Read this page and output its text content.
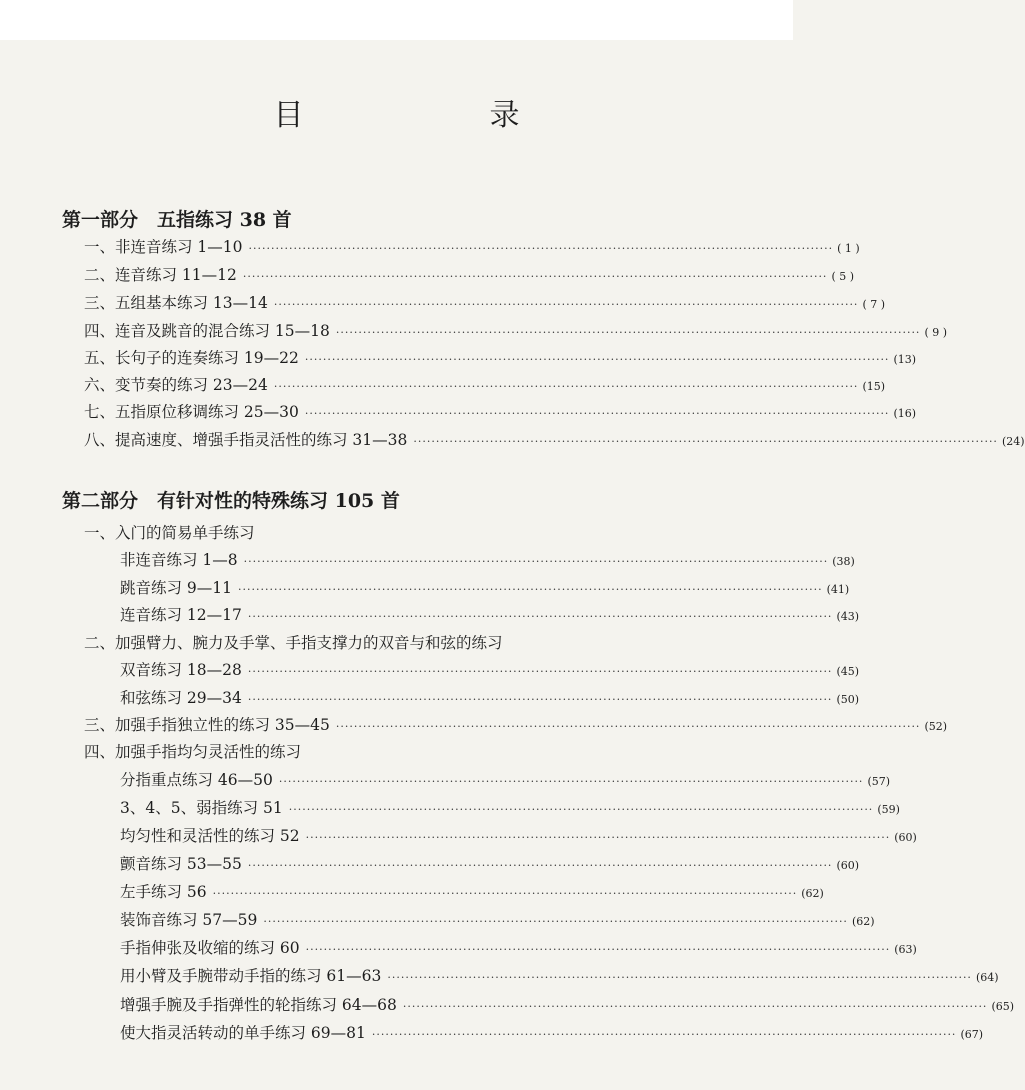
目　录
第一部分　五指练习 38 首
一、非连音练习 1—10 ·································································································································· ( 1 )
二、连音练习 11—12 ·································································································································· ( 5 )
三、五组基本练习 13—14 ·································································································································· ( 7 )
四、连音及跳音的混合练习 15—18 ·································································································································· ( 9 )
五、长句子的连奏练习 19—22 ·································································································································· (13)
六、变节奏的练习 23—24 ·································································································································· (15)
七、五指原位移调练习 25—30 ·································································································································· (16)
八、提高速度、增强手指灵活性的练习 31—38 ·································································································································· (24)
第二部分　有针对性的特殊练习 105 首
一、入门的简易单手练习
非连音练习 1—8 ·································································································································· (38)
跳音练习 9—11 ·································································································································· (41)
连音练习 12—17 ·································································································································· (43)
二、加强臂力、腕力及手掌、手指支撑力的双音与和弦的练习
双音练习 18—28 ·································································································································· (45)
和弦练习 29—34 ·································································································································· (50)
三、加强手指独立性的练习 35—45 ·································································································································· (52)
四、加强手指均匀灵活性的练习
分指重点练习 46—50 ·································································································································· (57)
3、4、5、弱指练习 51 ·································································································································· (59)
均匀性和灵活性的练习 52 ·································································································································· (60)
颤音练习 53—55 ·································································································································· (60)
左手练习 56 ·································································································································· (62)
装饰音练习 57—59 ·································································································································· (62)
手指伸张及收缩的练习 60 ·································································································································· (63)
用小臂及手腕带动手指的练习 61—63 ·································································································································· (64)
增强手腕及手指弹性的轮指练习 64—68 ·································································································································· (65)
使大指灵活转动的单手练习 69—81 ·································································································································· (67)
